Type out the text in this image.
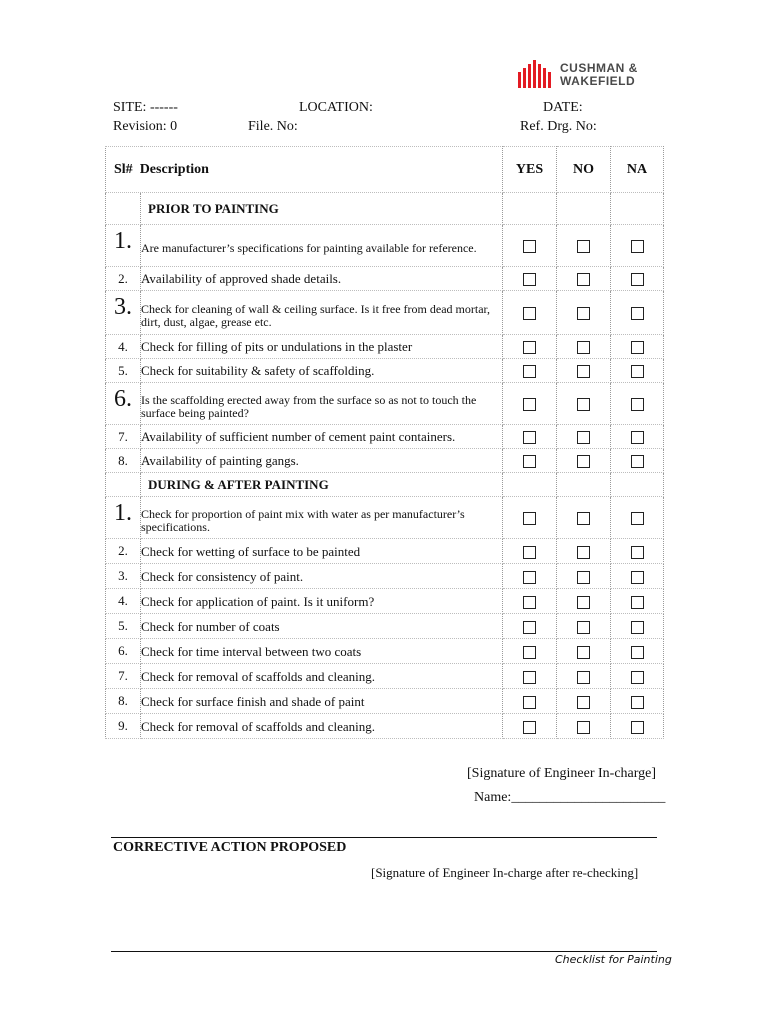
CUSHMAN &
WAKEFIELD
SITE: ------	LOCATION:	DATE:
Revision: 0	File. No:	Ref. Drg. No:
Sl# Description		YES	NO	NA
	PRIOR TO PAINTING			
1.	Are manufacturer’s specifications for painting available for reference.			
2.	Availability of approved shade details.			
3.	Check for cleaning of wall & ceiling surface. Is it free from dead mortar, dirt, dust, algae, grease etc.			
4.	Check for filling of pits or undulations in the plaster			
5.	Check for suitability & safety of scaffolding.			
6.	Is the scaffolding erected away from the surface so as not to touch the surface being painted?			
7.	Availability of sufficient number of cement paint containers.			
8.	Availability of painting gangs.			
	DURING & AFTER PAINTING			
1.	Check for proportion of paint mix with water as per manufacturer’s specifications.			
2.	Check for wetting of surface to be painted			
3.	Check for consistency of paint.			
4.	Check for application of paint. Is it uniform?			
5.	Check for number of coats			
6.	Check for time interval between two coats			
7.	Check for removal of scaffolds and cleaning.			
8.	Check for surface finish and shade of paint			
9.	Check for removal of scaffolds and cleaning.			
[Signature of Engineer In-charge]
Name:______________________
CORRECTIVE ACTION PROPOSED
[Signature of Engineer In-charge after re-checking]
Checklist for Painting
